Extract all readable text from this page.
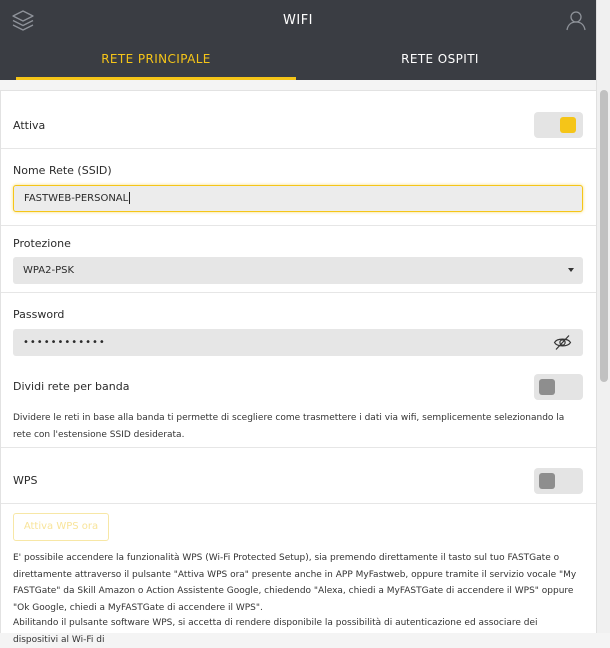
WIFI
RETE PRINCIPALE	RETE OSPITI
Attiva
Nome Rete (SSID)
FASTWEB-PERSONAL
Protezione
WPA2-PSK
Password
••••••••••••
Dividi rete per banda
Dividere le reti in base alla banda ti permette di scegliere come trasmettere i dati via wifi, semplicemente selezionando la rete con l'estensione SSID desiderata.
WPS
Attiva WPS ora
E' possibile accendere la funzionalità WPS (Wi-Fi Protected Setup), sia premendo direttamente il tasto sul tuo FASTGate o direttamente attraverso il pulsante "Attiva WPS ora" presente anche in APP MyFastweb, oppure tramite il servizio vocale "My FASTGate" da Skill Amazon o Action Assistente Google, chiedendo "Alexa, chiedi a MyFASTGate di accendere il WPS" oppure "Ok Google, chiedi a MyFASTGate di accendere il WPS".
Abilitando il pulsante software WPS, si accetta di rendere disponibile la possibilità di autenticazione ed associare dei dispositivi al Wi-Fi di
